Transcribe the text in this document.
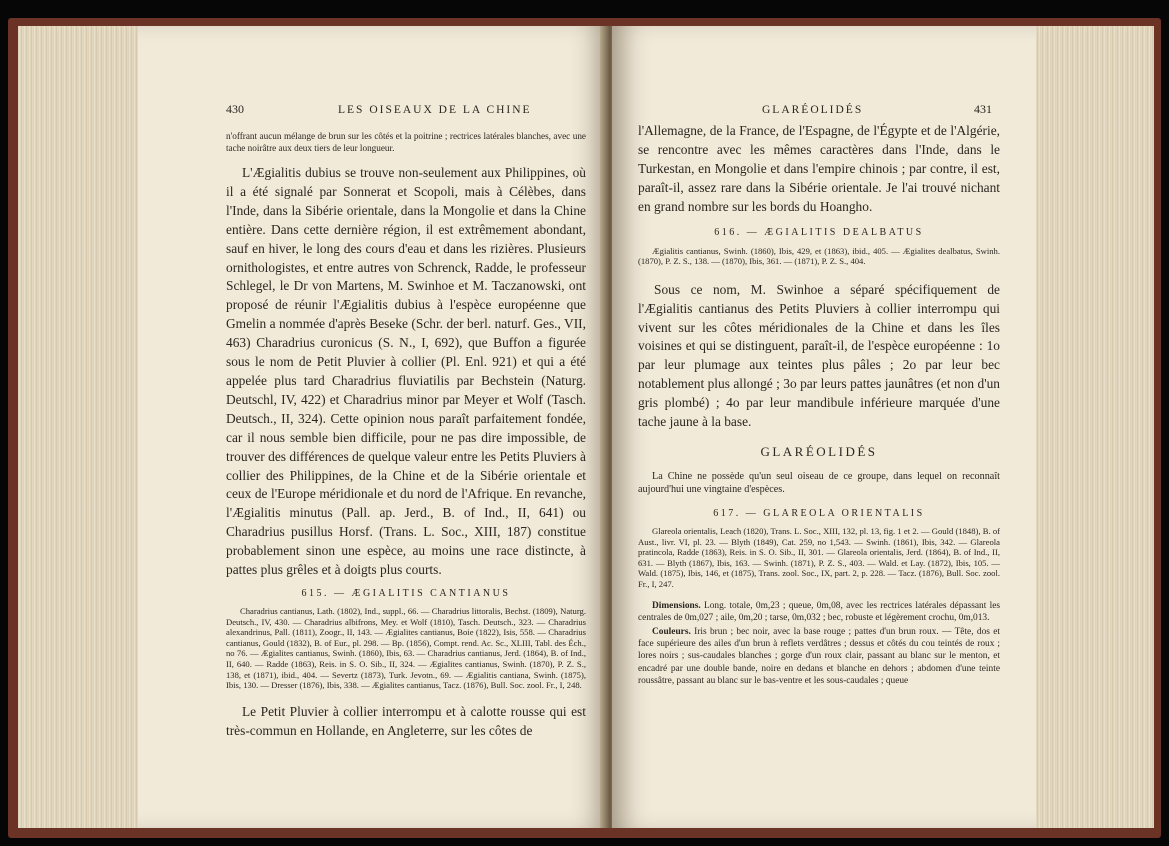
430	LES OISEAUX DE LA CHINE

n'offrant aucun mélange de brun sur les côtés et la poitrine ; rectrices latérales blanches, avec une tache noirâtre aux deux tiers de leur longueur.

L'Ægialitis dubius se trouve non-seulement aux Philippines, où il a été signalé par Sonnerat et Scopoli, mais à Célèbes, dans l'Inde, dans la Sibérie orientale, dans la Mongolie et dans la Chine entière. Dans cette dernière région, il est extrêmement abondant, sauf en hiver, le long des cours d'eau et dans les rizières. Plusieurs ornithologistes, et entre autres von Schrenck, Radde, le professeur Schlegel, le Dr von Martens, M. Swinhoe et M. Taczanowski, ont proposé de réunir l'Ægialitis dubius à l'espèce européenne que Gmelin a nommée d'après Beseke (Schr. der berl. naturf. Ges., VII, 463) Charadrius curonicus (S. N., I, 692), que Buffon a figurée sous le nom de Petit Pluvier à collier (Pl. Enl. 921) et qui a été appelée plus tard Charadrius fluviatilis par Bechstein (Naturg. Deutschl, IV, 422) et Charadrius minor par Meyer et Wolf (Tasch. Deutsch., II, 324). Cette opinion nous paraît parfaitement fondée, car il nous semble bien difficile, pour ne pas dire impossible, de trouver des différences de quelque valeur entre les Petits Pluviers à collier des Philippines, de la Chine et de la Sibérie orientale et ceux de l'Europe méridionale et du nord de l'Afrique. En revanche, l'Ægialitis minutus (Pall. ap. Jerd., B. of Ind., II, 641) ou Charadrius pusillus Horsf. (Trans. L. Soc., XIII, 187) constitue probablement sinon une espèce, au moins une race distincte, à pattes plus grêles et à doigts plus courts.

615. — ÆGIALITIS CANTIANUS

Charadrius cantianus, Lath. (1802), Ind., suppl., 66. — Charadrius littoralis, Bechst. (1809), Naturg. Deutsch., IV, 430. — Charadrius albifrons, Mey. et Wolf (1810), Tasch. Deutsch., 323. — Charadrius alexandrinus, Pall. (1811), Zoogr., II, 143. — Ægialites cantianus, Boie (1822), Isis, 558. — Charadrius cantianus, Gould (1832), B. of Eur., pl. 298. — Bp. (1856), Compt. rend. Ac. Sc., XLIII, Tabl. des Éch., no 76. — Ægialites cantianus, Swinh. (1860), Ibis, 63. — Charadrius cantianus, Jerd. (1864), B. of Ind., II, 640. — Radde (1863), Reis. in S. O. Sib., II, 324. — Ægialites cantianus, Swinh. (1870), P. Z. S., 138, et (1871), ibid., 404. — Severtz (1873), Turk. Jevotn., 69. — Ægialitis cantiana, Swinh. (1875), Ibis, 130. — Dresser (1876), Ibis, 338. — Ægialites cantianus, Tacz. (1876), Bull. Soc. zool. Fr., I, 248.

Le Petit Pluvier à collier interrompu et à calotte rousse qui est très-commun en Hollande, en Angleterre, sur les côtes de

GLARÉOLIDÉS	431

l'Allemagne, de la France, de l'Espagne, de l'Égypte et de l'Algérie, se rencontre avec les mêmes caractères dans l'Inde, dans le Turkestan, en Mongolie et dans l'empire chinois ; par contre, il est, paraît-il, assez rare dans la Sibérie orientale. Je l'ai trouvé nichant en grand nombre sur les bords du Hoangho.

616. — ÆGIALITIS DEALBATUS

Ægialitis cantianus, Swinh. (1860), Ibis, 429, et (1863), ibid., 405. — Ægialites dealbatus, Swinh. (1870), P. Z. S., 138. — (1870), Ibis, 361. — (1871), P. Z. S., 404.

Sous ce nom, M. Swinhoe a séparé spécifiquement de l'Ægialitis cantianus des Petits Pluviers à collier interrompu qui vivent sur les côtes méridionales de la Chine et dans les îles voisines et qui se distinguent, paraît-il, de l'espèce européenne : 1o par leur plumage aux teintes plus pâles ; 2o par leur bec notablement plus allongé ; 3o par leurs pattes jaunâtres (et non d'un gris plombé) ; 4o par leur mandibule inférieure marquée d'une tache jaune à la base.

GLARÉOLIDÉS

La Chine ne possède qu'un seul oiseau de ce groupe, dans lequel on reconnaît aujourd'hui une vingtaine d'espèces.

617. — GLAREOLA ORIENTALIS

Glareola orientalis, Leach (1820), Trans. L. Soc., XIII, 132, pl. 13, fig. 1 et 2. — Gould (1848), B. of Aust., livr. VI, pl. 23. — Blyth (1849), Cat. 259, no 1,543. — Swinh. (1861), Ibis, 342. — Glareola pratincola, Radde (1863), Reis. in S. O. Sib., II, 301. — Glareola orientalis, Jerd. (1864), B. of Ind., II, 631. — Blyth (1867), Ibis, 163. — Swinh. (1871), P. Z. S., 403. — Wald. et Lay. (1872), Ibis, 105. — Wald. (1875), Ibis, 146, et (1875), Trans. zool. Soc., IX, part. 2, p. 228. — Tacz. (1876), Bull. Soc. zool. Fr., I, 247.

Dimensions. Long. totale, 0m,23 ; queue, 0m,08, avec les rectrices latérales dépassant les centrales de 0m,027 ; aile, 0m,20 ; tarse, 0m,032 ; bec, robuste et légèrement crochu, 0m,013.

Couleurs. Iris brun ; bec noir, avec la base rouge ; pattes d'un brun roux. — Tête, dos et face supérieure des ailes d'un brun à reflets verdâtres ; dessus et côtés du cou teintés de roux ; lores noirs ; sus-caudales blanches ; gorge d'un roux clair, passant au blanc sur le menton, et encadré par une double bande, noire en dedans et blanche en dehors ; abdomen d'une teinte roussâtre, passant au blanc sur le bas-ventre et les sous-caudales ; queue
